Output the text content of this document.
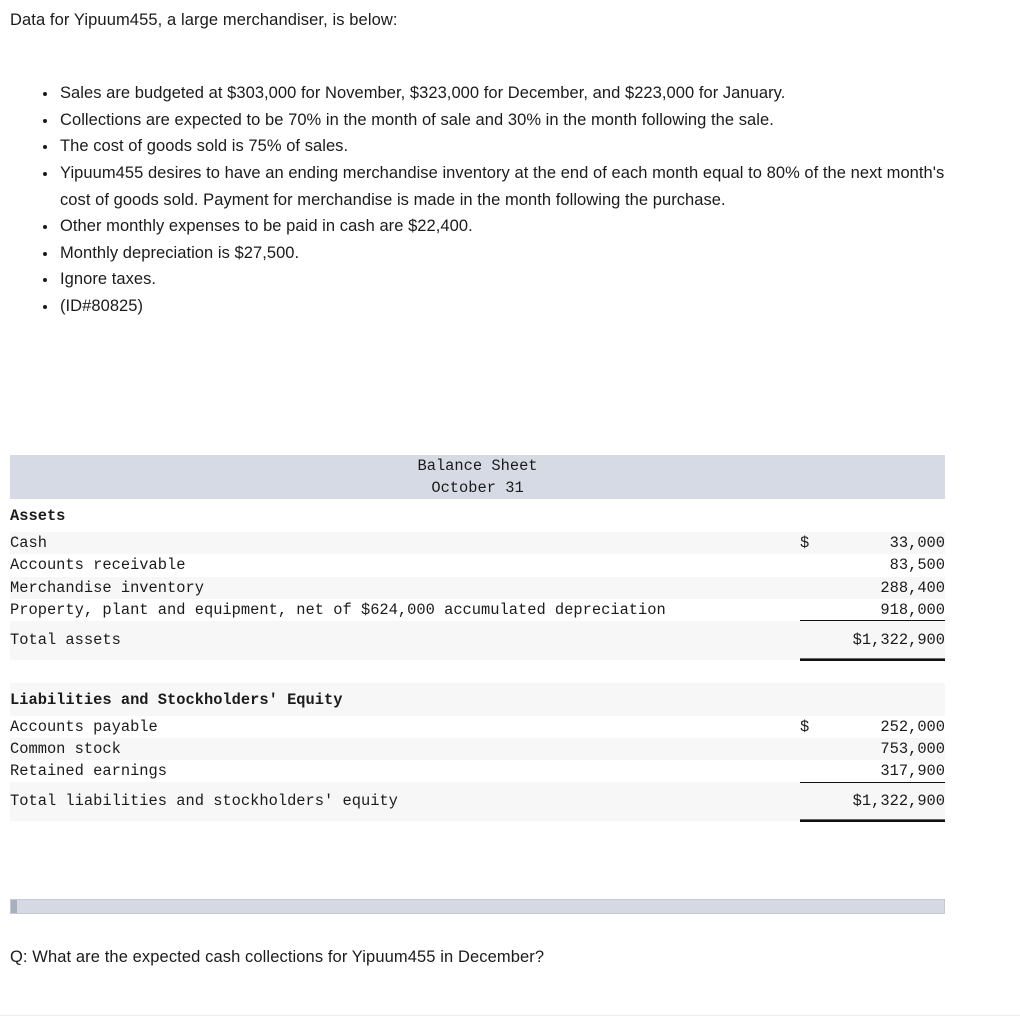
Data for Yipuum455, a large merchandiser, is below:
Sales are budgeted at $303,000 for November, $323,000 for December, and $223,000 for January.
Collections are expected to be 70% in the month of sale and 30% in the month following the sale.
The cost of goods sold is 75% of sales.
Yipuum455 desires to have an ending merchandise inventory at the end of each month equal to 80% of the next month's cost of goods sold. Payment for merchandise is made in the month following the purchase.
Other monthly expenses to be paid in cash are $22,400.
Monthly depreciation is $27,500.
Ignore taxes.
(ID#80825)
Balance Sheet
October 31		

Assets		
Cash	$	33,000
Accounts receivable		83,500
Merchandise inventory		288,400
Property, plant and equipment, net of $624,000 accumulated depreciation		918,000
Total assets		$1,322,900

Liabilities and Stockholders' Equity		
Accounts payable	$	252,000
Common stock		753,000
Retained earnings		317,900
Total liabilities and stockholders' equity		$1,322,900
Q: What are the expected cash collections for Yipuum455 in December?
